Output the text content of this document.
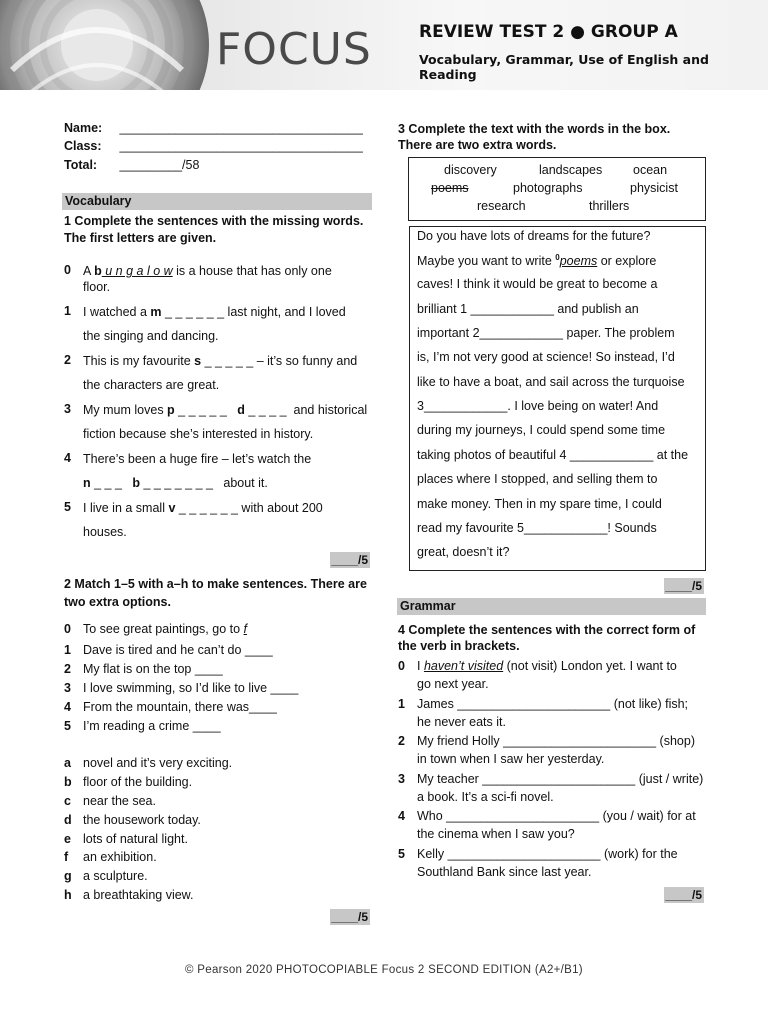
FOCUS	REVIEW TEST 2 ● GROUP A
Vocabulary, Grammar, Use of English and Reading
Name: ___________________________________
Class: ___________________________________
Total: _________/58
Vocabulary
1 Complete the sentences with the missing words.
The first letters are given.
0 A b u n g a l o w is a house that has only one
floor.
1 I watched a m _ _ _ _ _ _ last night, and I loved
the singing and dancing.
2 This is my favourite s _ _ _ _ _ – it’s so funny and
the characters are great.
3 My mum loves p _ _ _ _ _   d _ _ _ _  and historical
fiction because she’s interested in history.
4 There’s been a huge fire – let’s watch the
n _ _ _   b _ _ _ _ _ _ _   about it.
5 I live in a small v _ _ _ _ _ _ with about 200
houses.
____/5
2 Match 1–5 with a–h to make sentences. There are
two extra options.
0 To see great paintings, go to f
1 Dave is tired and he can’t do ____
2 My flat is on the top ____
3 I love swimming, so I’d like to live ____
4 From the mountain, there was____
5 I’m reading a crime ____
a novel and it’s very exciting.
b floor of the building.
c near the sea.
d the housework today.
e lots of natural light.
f	an exhibition.
g a sculpture.
h a breathtaking view.
____/5
3 Complete the text with the words in the box.
There are two extra words.
discovery	landscapes ocean
poems	photographs	physicist
research	thrillers
Do you have lots of dreams for the future?
Maybe you want to write $^0$poems or explore
caves! I think it would be great to become a
brilliant 1 ____________ and publish an
important 2____________ paper. The problem
is, I’m not very good at science! So instead, I’d
like to have a boat, and sail across the turquoise
3____________. I love being on water! And
during my journeys, I could spend some time
taking photos of beautiful 4 ____________ at the
places where I stopped, and selling them to
make money. Then in my spare time, I could
read my favourite 5____________! Sounds
great, doesn’t it?
____/5
Grammar
4 Complete the sentences with the correct form of
the verb in brackets.
0 I haven’t visited (not visit) London yet. I want to
go next year.
1 James ______________________ (not like) fish;
he never eats it.
2 My friend Holly ______________________ (shop)
in town when I saw her yesterday.
3 My teacher ______________________ (just / write)
a book. It’s a sci-fi novel.
4 Who ______________________ (you / wait) for at
the cinema when I saw you?
5 Kelly ______________________ (work) for the
Southland Bank since last year.
____/5
© Pearson 2020 PHOTOCOPIABLE Focus 2 SECOND EDITION (A2+/B1)
